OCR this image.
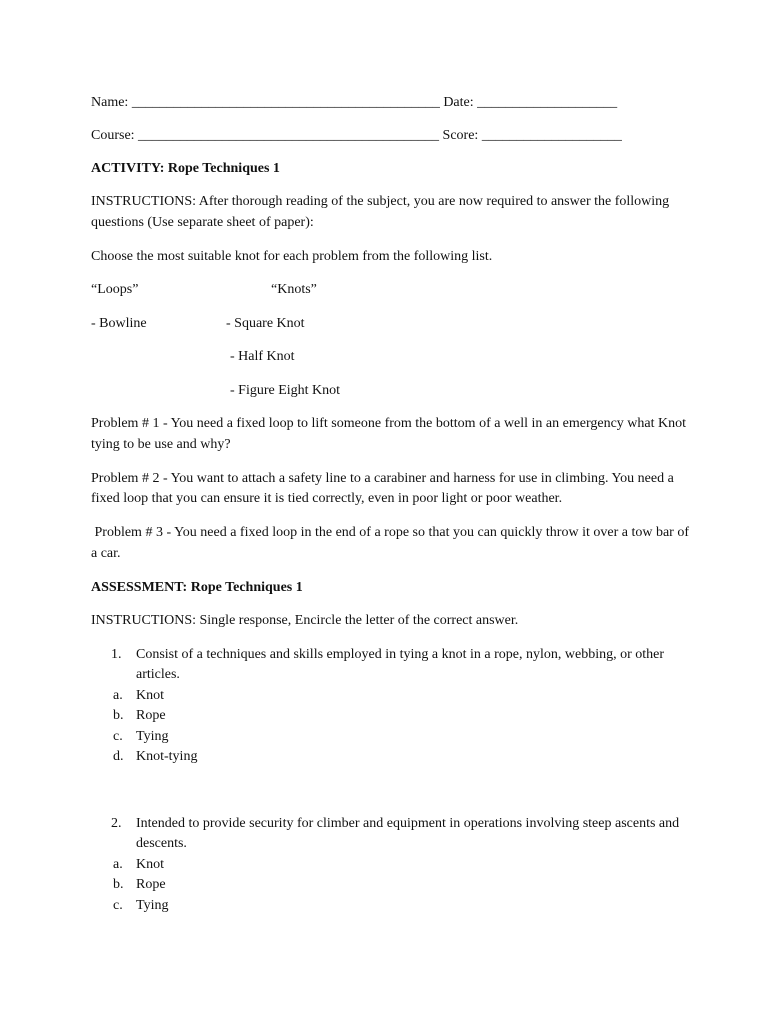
Name: ____________________________________________ Date: ____________________
Course: ___________________________________________ Score: ____________________
ACTIVITY: Rope Techniques 1
INSTRUCTIONS: After thorough reading of the subject, you are now required to answer the following questions (Use separate sheet of paper):
Choose the most suitable knot for each problem from the following list.
“Loops”	“Knots”
- Bowline	- Square Knot
- Half Knot
- Figure Eight Knot
Problem # 1 - You need a fixed loop to lift someone from the bottom of a well in an emergency what Knot tying to be use and why?
Problem # 2 - You want to attach a safety line to a carabiner and harness for use in climbing. You need a fixed loop that you can ensure it is tied correctly, even in poor light or poor weather.
Problem # 3 - You need a fixed loop in the end of a rope so that you can quickly throw it over a tow bar of a car.
ASSESSMENT: Rope Techniques 1
INSTRUCTIONS: Single response, Encircle the letter of the correct answer.
1. Consist of a techniques and skills employed in tying a knot in a rope, nylon, webbing, or other articles.
a. Knot
b. Rope
c. Tying
d. Knot-tying
2. Intended to provide security for climber and equipment in operations involving steep ascents and descents.
a. Knot
b. Rope
c. Tying
